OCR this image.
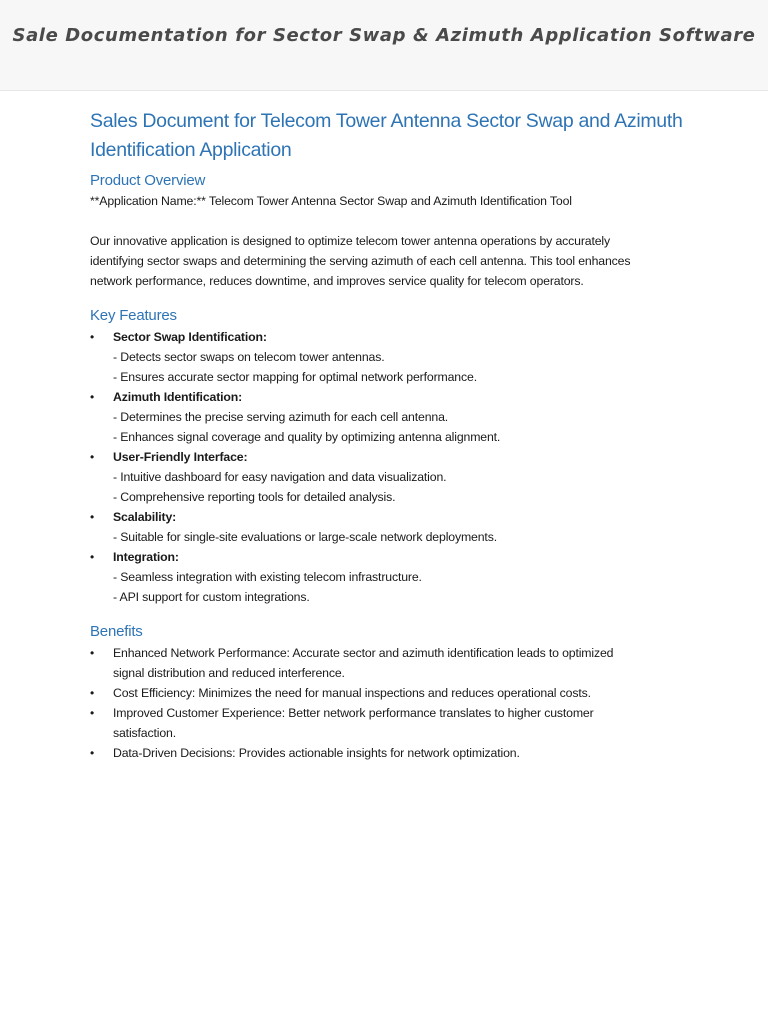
Sale Documentation for Sector Swap & Azimuth Application Software
Sales Document for Telecom Tower Antenna Sector Swap and Azimuth
Identification Application
Product Overview

**Application Name:** Telecom Tower Antenna Sector Swap and Azimuth Identification Tool

Our innovative application is designed to optimize telecom tower antenna operations by accurately
identifying sector swaps and determining the serving azimuth of each cell antenna. This tool enhances
network performance, reduces downtime, and improves service quality for telecom operators.

Key Features
• Sector Swap Identification:
- Detects sector swaps on telecom tower antennas.
- Ensures accurate sector mapping for optimal network performance.
• Azimuth Identification:
- Determines the precise serving azimuth for each cell antenna.
- Enhances signal coverage and quality by optimizing antenna alignment.
• User-Friendly Interface:
- Intuitive dashboard for easy navigation and data visualization.
- Comprehensive reporting tools for detailed analysis.
• Scalability:
- Suitable for single-site evaluations or large-scale network deployments.
• Integration:
- Seamless integration with existing telecom infrastructure.
- API support for custom integrations.
Benefits
• Enhanced Network Performance: Accurate sector and azimuth identification leads to optimized
signal distribution and reduced interference.
• Cost Efficiency: Minimizes the need for manual inspections and reduces operational costs.
• Improved Customer Experience: Better network performance translates to higher customer
satisfaction.
• Data-Driven Decisions: Provides actionable insights for network optimization.
